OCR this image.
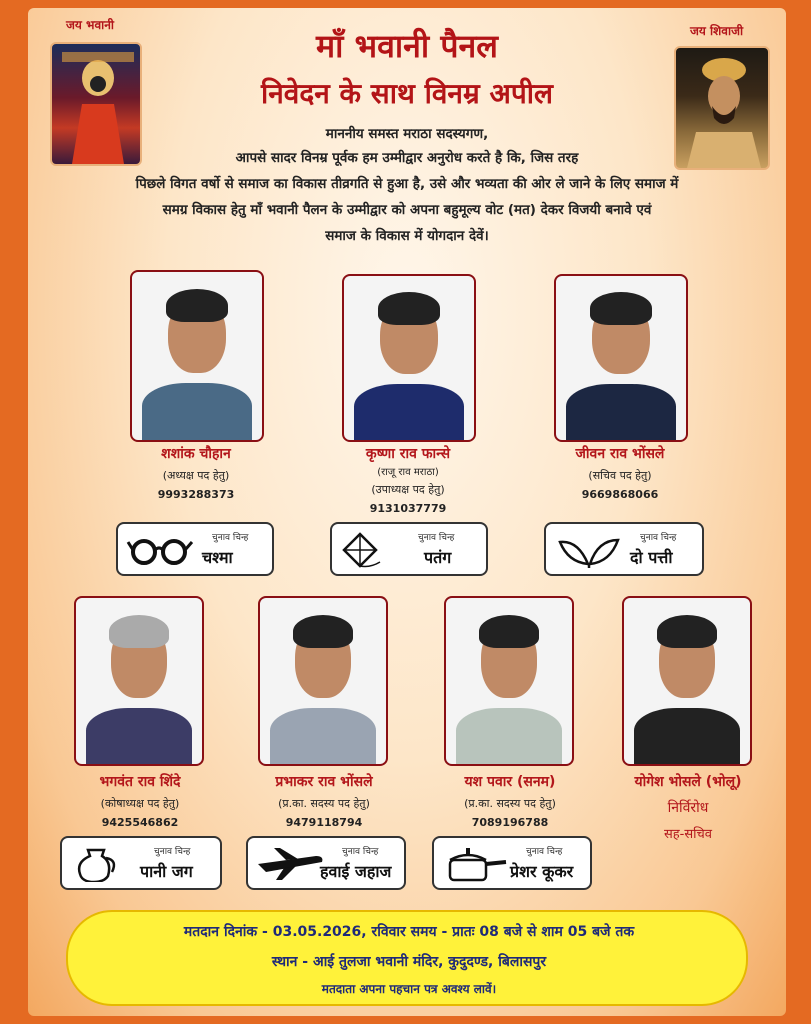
जय भवानी	जय शिवाजी
माँ भवानी पैनल
निवेदन के साथ विनम्र अपील
माननीय समस्त मराठा सदस्यगण,
आपसे सादर विनम्र पूर्वक हम उम्मीद्वार अनुरोध करते है कि, जिस तरह
पिछले विगत वर्षो से समाज का विकास तीव्रगति से हुआ है, उसे और भव्यता की ओर ले जाने के लिए समाज में
समग्र विकास हेतु माँ भवानी पैलन के उम्मीद्वार को अपना बहुमूल्य वोट (मत) देकर विजयी बनावे एवं
समाज के विकास में योगदान देवें।
शशांक चौहान
(अध्यक्ष पद हेतु)
9993288373
कृष्णा राव फान्से
(राजू राव मराठा)
(उपाध्यक्ष पद हेतु)
9131037779
जीवन राव भोंसले
(सचिव पद हेतु)
9669868066
चुनाव चिन्ह
चश्मा
चुनाव चिन्ह
पतंग
चुनाव चिन्ह
दो पत्ती
भगवंत राव शिंदे
(कोषाध्यक्ष पद हेतु)
9425546862
प्रभाकर राव भोंसले
(प्र.का. सदस्य पद हेतु)
9479118794
यश पवार (सनम)
(प्र.का. सदस्य पद हेतु)
7089196788
योगेश भोसले (भोलू)
निर्विरोध
सह-सचिव
चुनाव चिन्ह
पानी जग
चुनाव चिन्ह
हवाई जहाज
चुनाव चिन्ह
प्रेशर कूकर
मतदान दिनांक - 03.05.2026, रविवार समय - प्रातः 08 बजे से शाम 05 बजे तक
स्थान - आई तुलजा भवानी मंदिर, कुदुदण्ड, बिलासपुर
मतदाता अपना पहचान पत्र अवश्य लावें।
